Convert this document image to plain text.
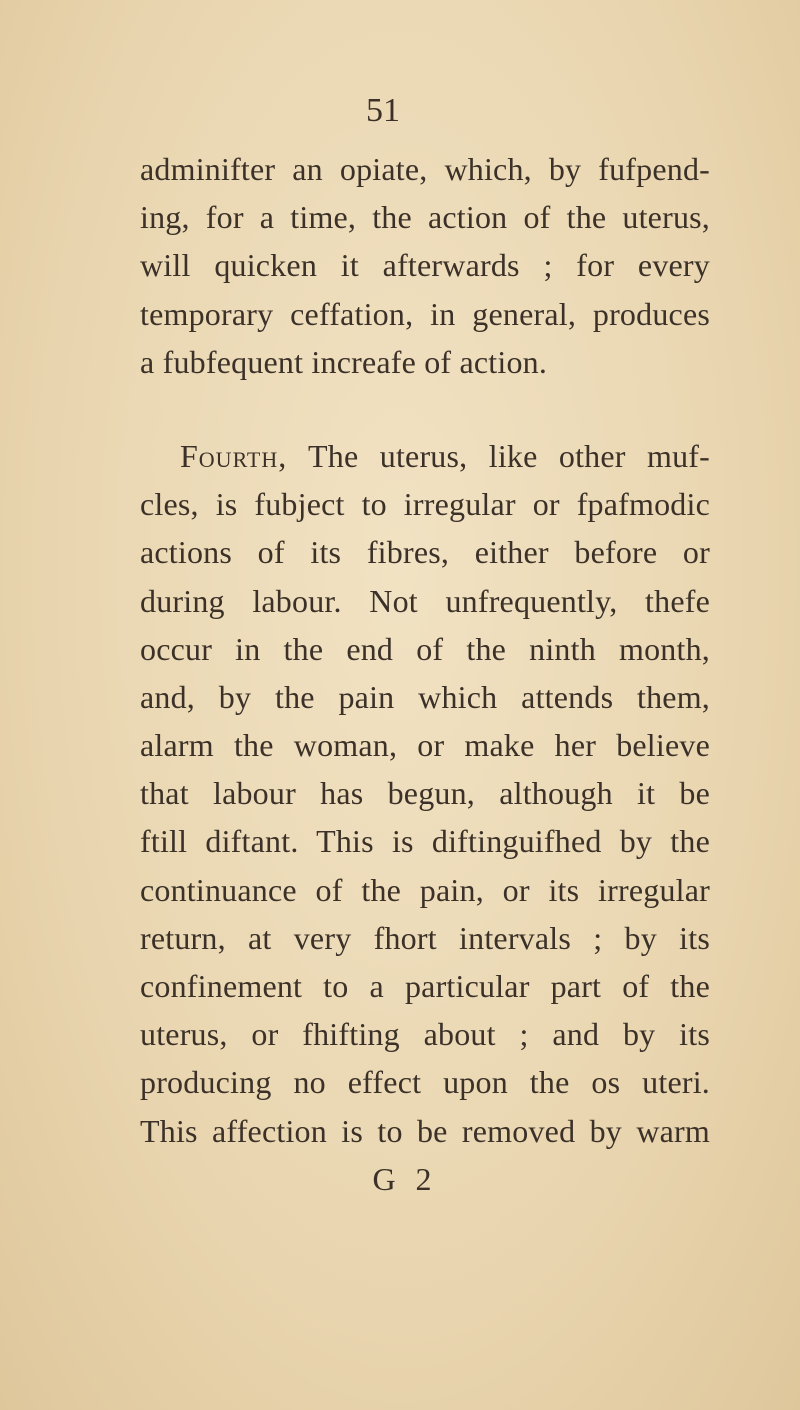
51
adminifter an opiate, which, by fufpend-
ing, for a time, the action of the uterus,
will quicken it afterwards ; for every
temporary ceffation, in general, produces
a fubfequent increafe of action.
Fourth, The uterus, like other muf-
cles, is fubject to irregular or fpafmodic
actions of its fibres, either before or
during labour. Not unfrequently, thefe
occur in the end of the ninth month,
and, by the pain which attends them,
alarm the woman, or make her believe
that labour has begun, although it be
ftill diftant. This is diftinguifhed by the
continuance of the pain, or its irregular
return, at very fhort intervals ; by its
confinement to a particular part of the
uterus, or fhifting about ; and by its
producing no effect upon the os uteri.
This affection is to be removed by warm
G 2
